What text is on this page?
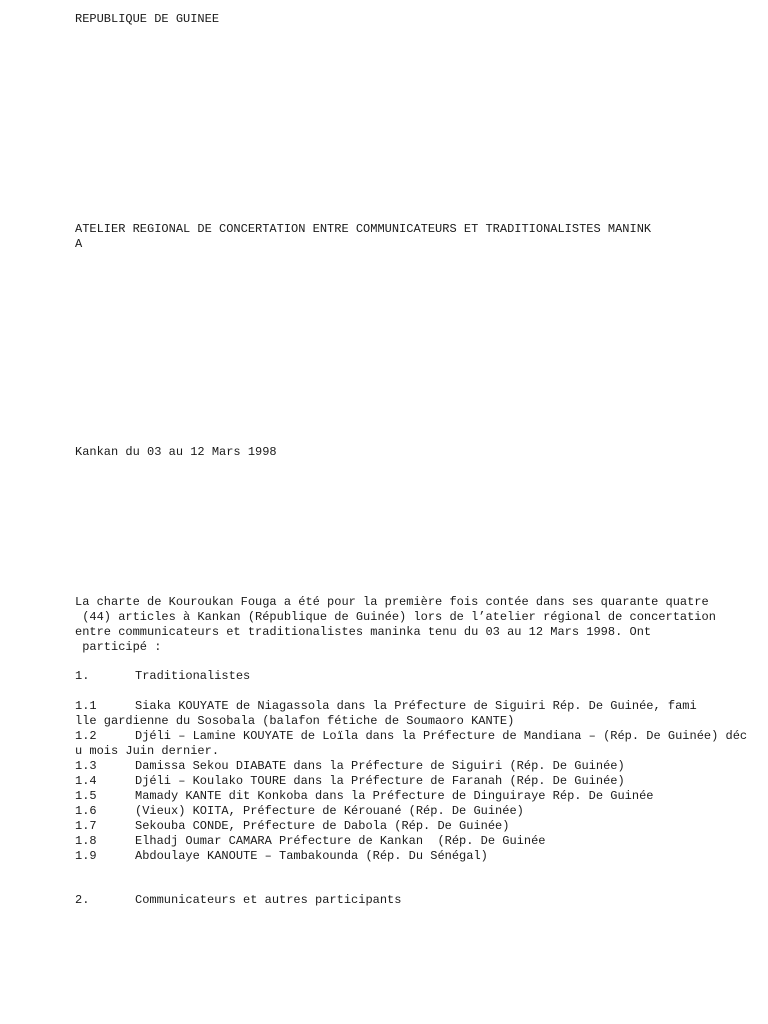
REPUBLIQUE DE GUINEE
ATELIER REGIONAL DE CONCERTATION ENTRE COMMUNICATEURS ET TRADITIONALISTES MANINK
A
Kankan du 03 au 12 Mars 1998
La charte de Kouroukan Fouga a été pour la première fois contée dans ses quarante quatre
(44) articles à Kankan (République de Guinée) lors de l’atelier régional de concertation
entre communicateurs et traditionalistes maninka tenu du 03 au 12 Mars 1998. Ont
participé :
1.	Traditionalistes
1.1	Siaka KOUYATE de Niagassola dans la Préfecture de Siguiri Rép. De Guinée, fami
lle gardienne du Sosobala (balafon fétiche de Soumaoro KANTE)
1.2	Djéli – Lamine KOUYATE de Loïla dans la Préfecture de Mandiana – (Rép. De Guinée) déc
u mois Juin dernier.
1.3	Damissa Sekou DIABATE dans la Préfecture de Siguiri (Rép. De Guinée)
1.4	Djéli – Koulako TOURE dans la Préfecture de Faranah (Rép. De Guinée)
1.5	Mamady KANTE dit Konkoba dans la Préfecture de Dinguiraye Rép. De Guinée
1.6	(Vieux) KOITA, Préfecture de Kérouané (Rép. De Guinée)
1.7	Sekouba CONDE, Préfecture de Dabola (Rép. De Guinée)
1.8	Elhadj Oumar CAMARA Préfecture de Kankan  (Rép. De Guinée
1.9	Abdoulaye KANOUTE – Tambakounda (Rép. Du Sénégal)
2.	Communicateurs et autres participants
